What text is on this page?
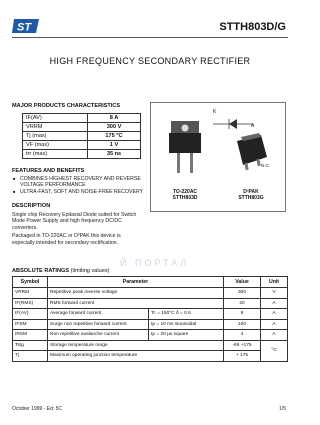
ST	STTH803D/G
HIGH FREQUENCY SECONDARY RECTIFIER
MAJOR PRODUCTS CHARACTERISTICS
IF(AV)	8 A
VRRM	300 V
Tj (max)	175 °C
VF (max)	1 V
trr (max)	35 ns
K
A
N.C.
TO-220AC
STTH803D
D²PAK
STTH803G
FEATURES AND BENEFITS
■ COMBINES HIGHEST RECOVERY AND REVERSE VOLTAGE PERFORMANCE
■ ULTRA-FAST, SOFT AND NOISE-FREE RECOVERY
DESCRIPTION
Single chip Recovery Epitaxial Diode suited for Switch Mode Power Supply and high frequency DC/DC converters.
Packaged in TO-220AC or D²PAK this device is especially intended for secondary rectification.
Й ПОРТАЛ
ABSOLUTE RATINGS (limiting values)
Symbol	Parameter		Value	Unit
VRRM	Repetitive peak reverse voltage		300	V
IF(RMS)	RMS forward current		20	A
IF(AV)	Average forward current	Tc = 150°C δ = 0.5	8	A
IFSM	Surge non repetitive forward current	tp = 10 ms sinusoidal	100	A
IRSM	Non repetitive avalanche current	tp = 20 µs square	4	A
Tstg	Storage temperature range		-65 +175	°C
Tj	Maximum operating junction temperature		+ 175	
October 1999 - Ed: 5C	1/5
